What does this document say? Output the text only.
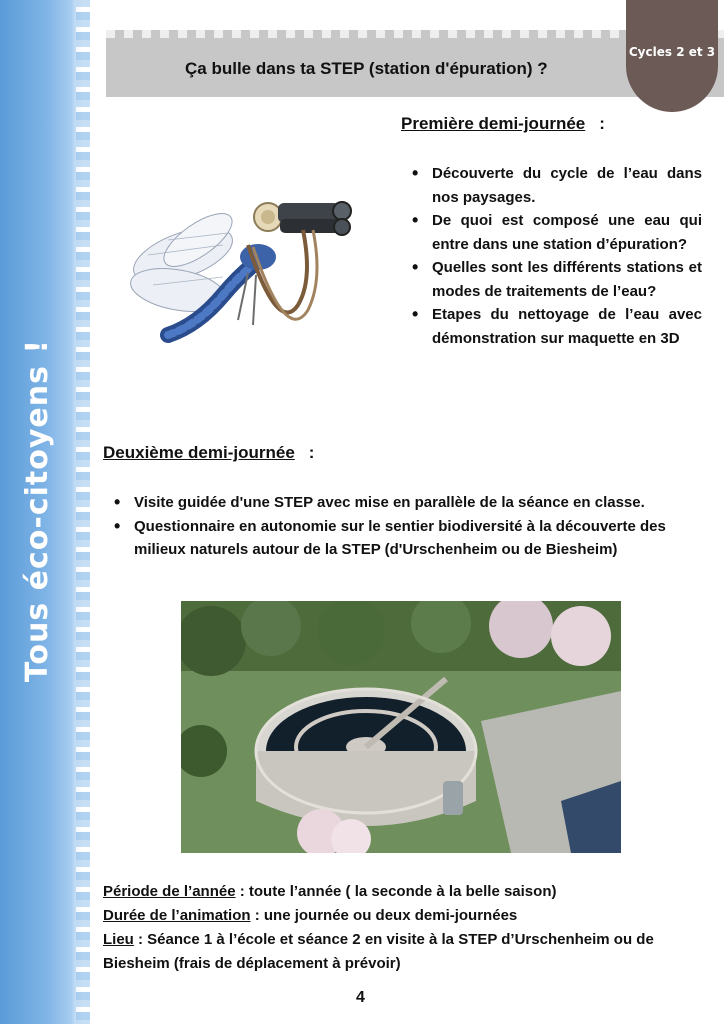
Tous éco-citoyens !
Ça bulle dans ta STEP (station d'épuration) ?
Cycles 2 et 3
Première demi-journée :
• Découverte du cycle de l’eau dans nos paysages.
• De quoi est composé une eau qui entre dans une station d’épuration?
• Quelles sont les différents stations et modes de traitements de l’eau?
• Etapes du nettoyage de l’eau avec démonstration sur maquette en 3D
Deuxième demi-journée :
• Visite guidée d'une STEP avec mise en parallèle de la séance en classe.
• Questionnaire en autonomie sur le sentier biodiversité à la découverte des milieux naturels autour de la STEP (d'Urschenheim ou de Biesheim)
Période de l’année : toute l’année ( la seconde à la belle saison)
Durée de l’animation : une journée ou deux demi-journées
Lieu : Séance 1 à l’école et séance 2 en visite à la STEP d’Urschenheim ou de Biesheim (frais de déplacement à prévoir)
4
